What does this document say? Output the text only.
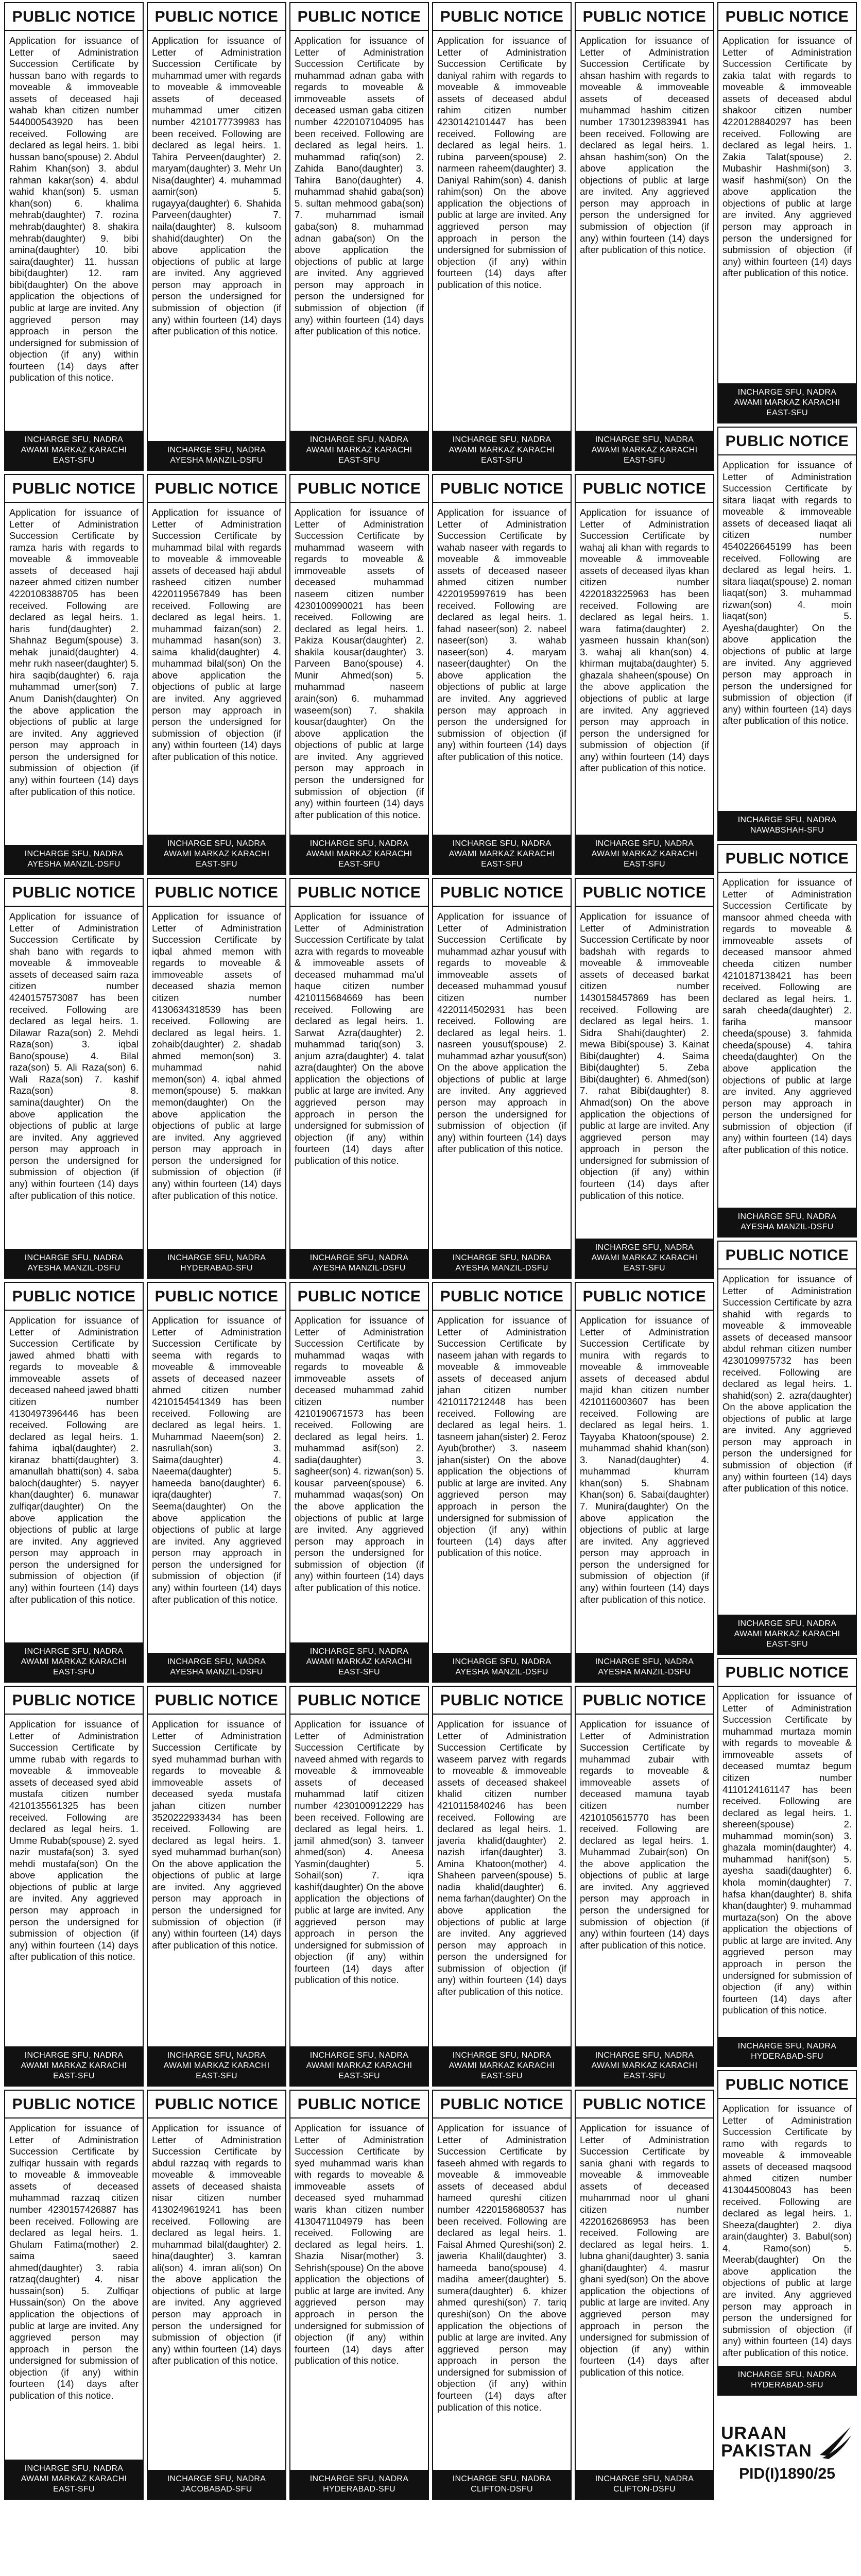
PUBLIC NOTICE
Application for issuance of Letter of Administration Succession Certificate by hussan bano with regards to moveable & immoveable assets of deceased haji wahab khan citizen number 544000543920 has been received. Following are declared as legal heirs. 1. bibi hussan bano(spouse) 2. Abdul Rahim Khan(son) 3. abdul rahman kakar(son) 4. abdul wahid khan(son) 5. usman khan(son) 6. khalima mehrab(daughter) 7. rozina mehrab(daughter) 8. shakira mehrab(daughter) 9. bibi amina(daughter) 10. bibi saira(daughter) 11. hussan bibi(daughter) 12. ram bibi(daughter) On the above application the objections of public at large are invited. Any aggrieved person may approach in person the undersigned for submission of objection (if any) within fourteen (14) days after publication of this notice.
INCHARGE SFU, NADRA
AWAMI MARKAZ KARACHI
EAST-SFU
PUBLIC NOTICE
Application for issuance of Letter of Administration Succession Certificate by ramza haris with regards to moveable & immoveable assets of deceased haji nazeer ahmed citizen number 4220108388705 has been received. Following are declared as legal heirs. 1. haris fund(daughter) 2. Shahnaz Begum(spouse) 3. mehak junaid(daughter) 4. mehr rukh naseer(daughter) 5. hira saqib(daughter) 6. raja muhammad umer(son) 7. Anum Danish(daughter) On the above application the objections of public at large are invited. Any aggrieved person may approach in person the undersigned for submission of objection (if any) within fourteen (14) days after publication of this notice.
INCHARGE SFU, NADRA
AYESHA MANZIL-DSFU
PUBLIC NOTICE
Application for issuance of Letter of Administration Succession Certificate by shah bano with regards to moveable & immoveable assets of deceased saim raza citizen number 4240157573087 has been received. Following are declared as legal heirs. 1. Dilawar Raza(son) 2. Mehdi Raza(son) 3. iqbal Bano(spouse) 4. Bilal raza(son) 5. Ali Raza(son) 6. Wali Raza(son) 7. kashif Raza(son) 8. samina(daughter) On the above application the objections of public at large are invited. Any aggrieved person may approach in person the undersigned for submission of objection (if any) within fourteen (14) days after publication of this notice.
INCHARGE SFU, NADRA
AYESHA MANZIL-DSFU
PUBLIC NOTICE
Application for issuance of Letter of Administration Succession Certificate by jawed ahmed bhatti with regards to moveable & immoveable assets of deceased naheed jawed bhatti citizen number 4130497396446 has been received. Following are declared as legal heirs. 1. fahima iqbal(daughter) 2. kiranaz bhatti(daughter) 3. amanullah bhatti(son) 4. saba baloch(daughter) 5. nayyer khan(daughter) 6. munawar zulfiqar(daughter) On the above application the objections of public at large are invited. Any aggrieved person may approach in person the undersigned for submission of objection (if any) within fourteen (14) days after publication of this notice.
INCHARGE SFU, NADRA
AWAMI MARKAZ KARACHI
EAST-SFU
PUBLIC NOTICE
Application for issuance of Letter of Administration Succession Certificate by umme rubab with regards to moveable & immoveable assets of deceased syed abid mustafa citizen number 4210135561325 has been received. Following are declared as legal heirs. 1. Umme Rubab(spouse) 2. syed nazir mustafa(son) 3. syed mehdi mustafa(son) On the above application the objections of public at large are invited. Any aggrieved person may approach in person the undersigned for submission of objection (if any) within fourteen (14) days after publication of this notice.
INCHARGE SFU, NADRA
AWAMI MARKAZ KARACHI
EAST-SFU
PUBLIC NOTICE
Application for issuance of Letter of Administration Succession Certificate by zulfiqar hussain with regards to moveable & immoveable assets of deceased muhammad razzaq citizen number 4230157426887 has been received. Following are declared as legal heirs. 1. Ghulam Fatima(mother) 2. saima saeed ahmed(daughter) 3. rabia ratzaq(daughter) 4. nisar hussain(son) 5. Zulfiqar Hussain(son) On the above application the objections of public at large are invited. Any aggrieved person may approach in person the undersigned for submission of objection (if any) within fourteen (14) days after publication of this notice.
INCHARGE SFU, NADRA
AWAMI MARKAZ KARACHI
EAST-SFU
PUBLIC NOTICE
Application for issuance of Letter of Administration Succession Certificate by muhammad umer with regards to moveable & immoveable assets of deceased muhammad umer citizen number 4210177739983 has been received. Following are declared as legal heirs. 1. Tahira Perveen(daughter) 2. maryam(daughter) 3. Mehr Un Nisa(daughter) 4. muhammad aamir(son) 5. rugayya(daughter) 6. Shahida Parveen(daughter) 7. naila(daughter) 8. kulsoom shahid(daughter) On the above application the objections of public at large are invited. Any aggrieved person may approach in person the undersigned for submission of objection (if any) within fourteen (14) days after publication of this notice.
INCHARGE SFU, NADRA
AYESHA MANZIL-DSFU
PUBLIC NOTICE
Application for issuance of Letter of Administration Succession Certificate by muhammad bilal with regards to moveable & immoveable assets of deceased haji abdul rasheed citizen number 4220119567849 has been received. Following are declared as legal heirs. 1. muhammad faizan(son) 2. muhammad hasan(son) 3. saima khalid(daughter) 4. muhammad bilal(son) On the above application the objections of public at large are invited. Any aggrieved person may approach in person the undersigned for submission of objection (if any) within fourteen (14) days after publication of this notice.
INCHARGE SFU, NADRA
AWAMI MARKAZ KARACHI
EAST-SFU
PUBLIC NOTICE
Application for issuance of Letter of Administration Succession Certificate by iqbal ahmed memon with regards to moveable & immoveable assets of deceased shazia memon citizen number 4130634318539 has been received. Following are declared as legal heirs. 1. zohaib(daughter) 2. shadab ahmed memon(son) 3. muhammad nahid memon(son) 4. iqbal ahmed memon(spouse) 5. makkan memon(daughter) On the above application the objections of public at large are invited. Any aggrieved person may approach in person the undersigned for submission of objection (if any) within fourteen (14) days after publication of this notice.
INCHARGE SFU, NADRA
HYDERABAD-SFU
PUBLIC NOTICE
Application for issuance of Letter of Administration Succession Certificate by seema with regards to moveable & immoveable assets of deceased nazeer ahmed citizen number 4210154541349 has been received. Following are declared as legal heirs. 1. Muhammad Naeem(son) 2. nasrullah(son) 3. Saima(daughter) 4. Naeema(daughter) 5. hameeda bano(daughter) 6. iqra(daughter) 7. Seema(daughter) On the above application the objections of public at large are invited. Any aggrieved person may approach in person the undersigned for submission of objection (if any) within fourteen (14) days after publication of this notice.
INCHARGE SFU, NADRA
AYESHA MANZIL-DSFU
PUBLIC NOTICE
Application for issuance of Letter of Administration Succession Certificate by syed muhammad burhan with regards to moveable & immoveable assets of deceased syeda mustafa jahan citizen number 3520222933434 has been received. Following are declared as legal heirs. 1. syed muhammad burhan(son) On the above application the objections of public at large are invited. Any aggrieved person may approach in person the undersigned for submission of objection (if any) within fourteen (14) days after publication of this notice.
INCHARGE SFU, NADRA
AWAMI MARKAZ KARACHI
EAST-SFU
PUBLIC NOTICE
Application for issuance of Letter of Administration Succession Certificate by abdul razzaq with regards to moveable & immoveable assets of deceased shaista nisar citizen number 4130249619241 has been received. Following are declared as legal heirs. 1. muhammad bilal(daughter) 2. hina(daughter) 3. kamran ali(son) 4. imran ali(son) On the above application the objections of public at large are invited. Any aggrieved person may approach in person the undersigned for submission of objection (if any) within fourteen (14) days after publication of this notice.
INCHARGE SFU, NADRA
JACOBABAD-SFU
PUBLIC NOTICE
Application for issuance of Letter of Administration Succession Certificate by muhammad adnan gaba with regards to moveable & immoveable assets of deceased usman gaba citizen number 4220107104095 has been received. Following are declared as legal heirs. 1. muhammad rafiq(son) 2. Zahida Bano(daughter) 3. Tahira Bano(daughter) 4. muhammad shahid gaba(son) 5. sultan mehmood gaba(son) 7. muhammad ismail gaba(son) 8. muhammad adnan gaba(son) On the above application the objections of public at large are invited. Any aggrieved person may approach in person the undersigned for submission of objection (if any) within fourteen (14) days after publication of this notice.
INCHARGE SFU, NADRA
AWAMI MARKAZ KARACHI
EAST-SFU
PUBLIC NOTICE
Application for issuance of Letter of Administration Succession Certificate by muhammad waseem with regards to moveable & immoveable assets of deceased muhammad naseem citizen number 4230100990021 has been received. Following are declared as legal heirs. 1. Pakiza Kousar(daughter) 2. shakila kousar(daughter) 3. Parveen Bano(spouse) 4. Munir Ahmed(son) 5. muhammad naseem arain(son) 6. muhammad waseem(son) 7. shakila kousar(daughter) On the above application the objections of public at large are invited. Any aggrieved person may approach in person the undersigned for submission of objection (if any) within fourteen (14) days after publication of this notice.
INCHARGE SFU, NADRA
AWAMI MARKAZ KARACHI
EAST-SFU
PUBLIC NOTICE
Application for issuance of Letter of Administration Succession Certificate by talat azra with regards to moveable & immoveable assets of deceased muhammad ma'ul haque citizen number 4210115684669 has been received. Following are declared as legal heirs. 1. Sarwat Azra(daughter) 2. muhammad tariq(son) 3. anjum azra(daughter) 4. talat azra(daughter) On the above application the objections of public at large are invited. Any aggrieved person may approach in person the undersigned for submission of objection (if any) within fourteen (14) days after publication of this notice.
INCHARGE SFU, NADRA
AYESHA MANZIL-DSFU
PUBLIC NOTICE
Application for issuance of Letter of Administration Succession Certificate by muhammad waqas with regards to moveable & immoveable assets of deceased muhammad zahid citizen number 4210190671573 has been received. Following are declared as legal heirs. 1. muhammad asif(son) 2. sadia(daughter) 3. sagheer(son) 4. rizwan(son) 5. kousar parveen(spouse) 6. muhammad waqas(son) On the above application the objections of public at large are invited. Any aggrieved person may approach in person the undersigned for submission of objection (if any) within fourteen (14) days after publication of this notice.
INCHARGE SFU, NADRA
AWAMI MARKAZ KARACHI
EAST-SFU
PUBLIC NOTICE
Application for issuance of Letter of Administration Succession Certificate by naveed ahmed with regards to moveable & immoveable assets of deceased muhammad latif citizen number 4230100912229 has been received. Following are declared as legal heirs. 1. jamil ahmed(son) 3. tanveer ahmed(son) 4. Aneesa Yasmin(daughter) 5. Sohail(son) 7. iqra kashif(daughter) On the above application the objections of public at large are invited. Any aggrieved person may approach in person the undersigned for submission of objection (if any) within fourteen (14) days after publication of this notice.
INCHARGE SFU, NADRA
AWAMI MARKAZ KARACHI
EAST-SFU
PUBLIC NOTICE
Application for issuance of Letter of Administration Succession Certificate by syed muhammad waris khan with regards to moveable & immoveable assets of deceased syed muhammad waris khan citizen number 4130471104979 has been received. Following are declared as legal heirs. 1. Shazia Nisar(mother) 3. Sehrish(spouse) On the above application the objections of public at large are invited. Any aggrieved person may approach in person the undersigned for submission of objection (if any) within fourteen (14) days after publication of this notice.
INCHARGE SFU, NADRA
HYDERABAD-SFU
PUBLIC NOTICE
Application for issuance of Letter of Administration Succession Certificate by daniyal rahim with regards to moveable & immoveable assets of deceased abdul rahim citizen number 4230142101447 has been received. Following are declared as legal heirs. 1. rubina parveen(spouse) 2. narmeen raheem(daughter) 3. Daniyal Rahim(son) 4. danish rahim(son) On the above application the objections of public at large are invited. Any aggrieved person may approach in person the undersigned for submission of objection (if any) within fourteen (14) days after publication of this notice.
INCHARGE SFU, NADRA
AWAMI MARKAZ KARACHI
EAST-SFU
PUBLIC NOTICE
Application for issuance of Letter of Administration Succession Certificate by wahab naseer with regards to moveable & immoveable assets of deceased naseer ahmed citizen number 4220195997619 has been received. Following are declared as legal heirs. 1. fahad naseer(son) 2. nabeel naseer(son) 3. wahab naseer(son) 4. maryam naseer(daughter) On the above application the objections of public at large are invited. Any aggrieved person may approach in person the undersigned for submission of objection (if any) within fourteen (14) days after publication of this notice.
INCHARGE SFU, NADRA
AWAMI MARKAZ KARACHI
EAST-SFU
PUBLIC NOTICE
Application for issuance of Letter of Administration Succession Certificate by muhammad azhar yousuf with regards to moveable & immoveable assets of deceased muhammad yousuf citizen number 4220114502931 has been received. Following are declared as legal heirs. 1. nasreen yousuf(spouse) 2. muhammad azhar yousuf(son) On the above application the objections of public at large are invited. Any aggrieved person may approach in person the undersigned for submission of objection (if any) within fourteen (14) days after publication of this notice.
INCHARGE SFU, NADRA
AYESHA MANZIL-DSFU
PUBLIC NOTICE
Application for issuance of Letter of Administration Succession Certificate by naseem jahan with regards to moveable & immoveable assets of deceased anjum jahan citizen number 4210117212448 has been received. Following are declared as legal heirs. 1. tasneem jahan(sister) 2. Feroz Ayub(brother) 3. naseem jahan(sister) On the above application the objections of public at large are invited. Any aggrieved person may approach in person the undersigned for submission of objection (if any) within fourteen (14) days after publication of this notice.
INCHARGE SFU, NADRA
AYESHA MANZIL-DSFU
PUBLIC NOTICE
Application for issuance of Letter of Administration Succession Certificate by waseem parvez with regards to moveable & immoveable assets of deceased shakeel khalid citizen number 4210115840246 has been received. Following are declared as legal heirs. 1. javeria khalid(daughter) 2. nazish irfan(daughter) 3. Amina Khatoon(mother) 4. Shaheen parveen(spouse) 5. nadia khalid(daughter) 6. nema farhan(daughter) On the above application the objections of public at large are invited. Any aggrieved person may approach in person the undersigned for submission of objection (if any) within fourteen (14) days after publication of this notice.
INCHARGE SFU, NADRA
AWAMI MARKAZ KARACHI
EAST-SFU
PUBLIC NOTICE
Application for issuance of Letter of Administration Succession Certificate by faseeh ahmed with regards to moveable & immoveable assets of deceased abdul hameed qureshi citizen number 4220158680537 has been received. Following are declared as legal heirs. 1. Faisal Ahmed Qureshi(son) 2. jaweria Khalil(daughter) 3. hameeda bano(spouse) 4. madiha ameer(daughter) 5. sumera(daughter) 6. khizer ahmed qureshi(son) 7. tariq qureshi(son) On the above application the objections of public at large are invited. Any aggrieved person may approach in person the undersigned for submission of objection (if any) within fourteen (14) days after publication of this notice.
INCHARGE SFU, NADRA
CLIFTON-DSFU
PUBLIC NOTICE
Application for issuance of Letter of Administration Succession Certificate by ahsan hashim with regards to moveable & immoveable assets of deceased muhammad hashim citizen number 1730123983941 has been received. Following are declared as legal heirs. 1. ahsan hashim(son) On the above application the objections of public at large are invited. Any aggrieved person may approach in person the undersigned for submission of objection (if any) within fourteen (14) days after publication of this notice.
INCHARGE SFU, NADRA
AWAMI MARKAZ KARACHI
EAST-SFU
PUBLIC NOTICE
Application for issuance of Letter of Administration Succession Certificate by wahaj ali khan with regards to moveable & immoveable assets of deceased ilyas khan citizen number 4220183225963 has been received. Following are declared as legal heirs. 1. wara fatima(daughter) 2. yasmeen hussain khan(son) 3. wahaj ali khan(son) 4. khirman mujtaba(daughter) 5. ghazala shaheen(spouse) On the above application the objections of public at large are invited. Any aggrieved person may approach in person the undersigned for submission of objection (if any) within fourteen (14) days after publication of this notice.
INCHARGE SFU, NADRA
AWAMI MARKAZ KARACHI
EAST-SFU
PUBLIC NOTICE
Application for issuance of Letter of Administration Succession Certificate by noor badshah with regards to moveable & immoveable assets of deceased barkat citizen number 1430158457869 has been received. Following are declared as legal heirs. 1. Sidra Shahi(daughter) 2. mewa Bibi(spouse) 3. Kainat Bibi(daughter) 4. Saima Bibi(daughter) 5. Zeba Bibi(daughter) 6. Ahmed(son) 7. rahat Bibi(daughter) 8. Ahmad(son) On the above application the objections of public at large are invited. Any aggrieved person may approach in person the undersigned for submission of objection (if any) within fourteen (14) days after publication of this notice.
INCHARGE SFU, NADRA
AWAMI MARKAZ KARACHI
EAST-SFU
PUBLIC NOTICE
Application for issuance of Letter of Administration Succession Certificate by munira with regards to moveable & immoveable assets of deceased abdul majid khan citizen number 4210116003607 has been received. Following are declared as legal heirs. 1. Tayyaba Khatoon(spouse) 2. muhammad shahid khan(son) 3. Nanad(daughter) 4. muhammad khurram khan(son) 5. Shabnam Khan(son) 6. Sabai(daughter) 7. Munira(daughter) On the above application the objections of public at large are invited. Any aggrieved person may approach in person the undersigned for submission of objection (if any) within fourteen (14) days after publication of this notice.
INCHARGE SFU, NADRA
AYESHA MANZIL-DSFU
PUBLIC NOTICE
Application for issuance of Letter of Administration Succession Certificate by muhammad zubair with regards to moveable & immoveable assets of deceased mamuna tayab citizen number 4210105615770 has been received. Following are declared as legal heirs. 1. Muhammad Zubair(son) On the above application the objections of public at large are invited. Any aggrieved person may approach in person the undersigned for submission of objection (if any) within fourteen (14) days after publication of this notice.
INCHARGE SFU, NADRA
AWAMI MARKAZ KARACHI
EAST-SFU
PUBLIC NOTICE
Application for issuance of Letter of Administration Succession Certificate by sania ghani with regards to moveable & immoveable assets of deceased muhammad noor ul ghani citizen number 4220162686953 has been received. Following are declared as legal heirs. 1. lubna ghani(daughter) 3. sania ghani(daughter) 4. masrur ghani syed(son) On the above application the objections of public at large are invited. Any aggrieved person may approach in person the undersigned for submission of objection (if any) within fourteen (14) days after publication of this notice.
INCHARGE SFU, NADRA
CLIFTON-DSFU
PUBLIC NOTICE
Application for issuance of Letter of Administration Succession Certificate by zakia talat with regards to moveable & immoveable assets of deceased abdul shakoor citizen number 4220128840297 has been received. Following are declared as legal heirs. 1. Zakia Talat(spouse) 2. Mubashir Hashmi(son) 3. wasif hashmi(son) On the above application the objections of public at large are invited. Any aggrieved person may approach in person the undersigned for submission of objection (if any) within fourteen (14) days after publication of this notice.
INCHARGE SFU, NADRA
AWAMI MARKAZ KARACHI
EAST-SFU
PUBLIC NOTICE
Application for issuance of Letter of Administration Succession Certificate by sitara liaqat with regards to moveable & immoveable assets of deceased liaqat ali citizen number 4540226645199 has been received. Following are declared as legal heirs. 1. sitara liaqat(spouse) 2. noman liaqat(son) 3. muhammad rizwan(son) 4. moin liaqat(son) 5. Ayesha(daughter) On the above application the objections of public at large are invited. Any aggrieved person may approach in person the undersigned for submission of objection (if any) within fourteen (14) days after publication of this notice.
INCHARGE SFU, NADRA
NAWABSHAH-SFU
PUBLIC NOTICE
Application for issuance of Letter of Administration Succession Certificate by mansoor ahmed cheeda with regards to moveable & immoveable assets of deceased mansoor ahmed cheeda citizen number 4210187138421 has been received. Following are declared as legal heirs. 1. sarah cheeda(daughter) 2. fariha mansoor cheeda(spouse) 3. fahmida cheeda(spouse) 4. tahira cheeda(daughter) On the above application the objections of public at large are invited. Any aggrieved person may approach in person the undersigned for submission of objection (if any) within fourteen (14) days after publication of this notice.
INCHARGE SFU, NADRA
AYESHA MANZIL-DSFU
PUBLIC NOTICE
Application for issuance of Letter of Administration Succession Certificate by azra shahid with regards to moveable & immoveable assets of deceased mansoor abdul rehman citizen number 4230109975732 has been received. Following are declared as legal heirs. 1. shahid(son) 2. azra(daughter) On the above application the objections of public at large are invited. Any aggrieved person may approach in person the undersigned for submission of objection (if any) within fourteen (14) days after publication of this notice.
INCHARGE SFU, NADRA
AWAMI MARKAZ KARACHI
EAST-SFU
PUBLIC NOTICE
Application for issuance of Letter of Administration Succession Certificate by muhammad murtaza momin with regards to moveable & immoveable assets of deceased mumtaz begum citizen number 4110124161147 has been received. Following are declared as legal heirs. 1. shereen(spouse) 2. muhammad momin(son) 3. ghazala momin(daughter) 4. muhammad hanif(son) 5. ayesha saadi(daughter) 6. khola momin(daughter) 7. hafsa khan(daughter) 8. shifa khan(daughter) 9. muhammad murtaza(son) On the above application the objections of public at large are invited. Any aggrieved person may approach in person the undersigned for submission of objection (if any) within fourteen (14) days after publication of this notice.
INCHARGE SFU, NADRA
HYDERABAD-SFU
PUBLIC NOTICE
Application for issuance of Letter of Administration Succession Certificate by ramo with regards to moveable & immoveable assets of deceased maqsood ahmed citizen number 4130445008043 has been received. Following are declared as legal heirs. 1. Sheeza(daughter) 2. diya arain(daughter) 3. Babul(son) 4. Ramo(son) 5. Meerab(daughter) On the above application the objections of public at large are invited. Any aggrieved person may approach in person the undersigned for submission of objection (if any) within fourteen (14) days after publication of this notice.
INCHARGE SFU, NADRA
HYDERABAD-SFU
URAAN
PAKISTAN
PID(I)1890/25
